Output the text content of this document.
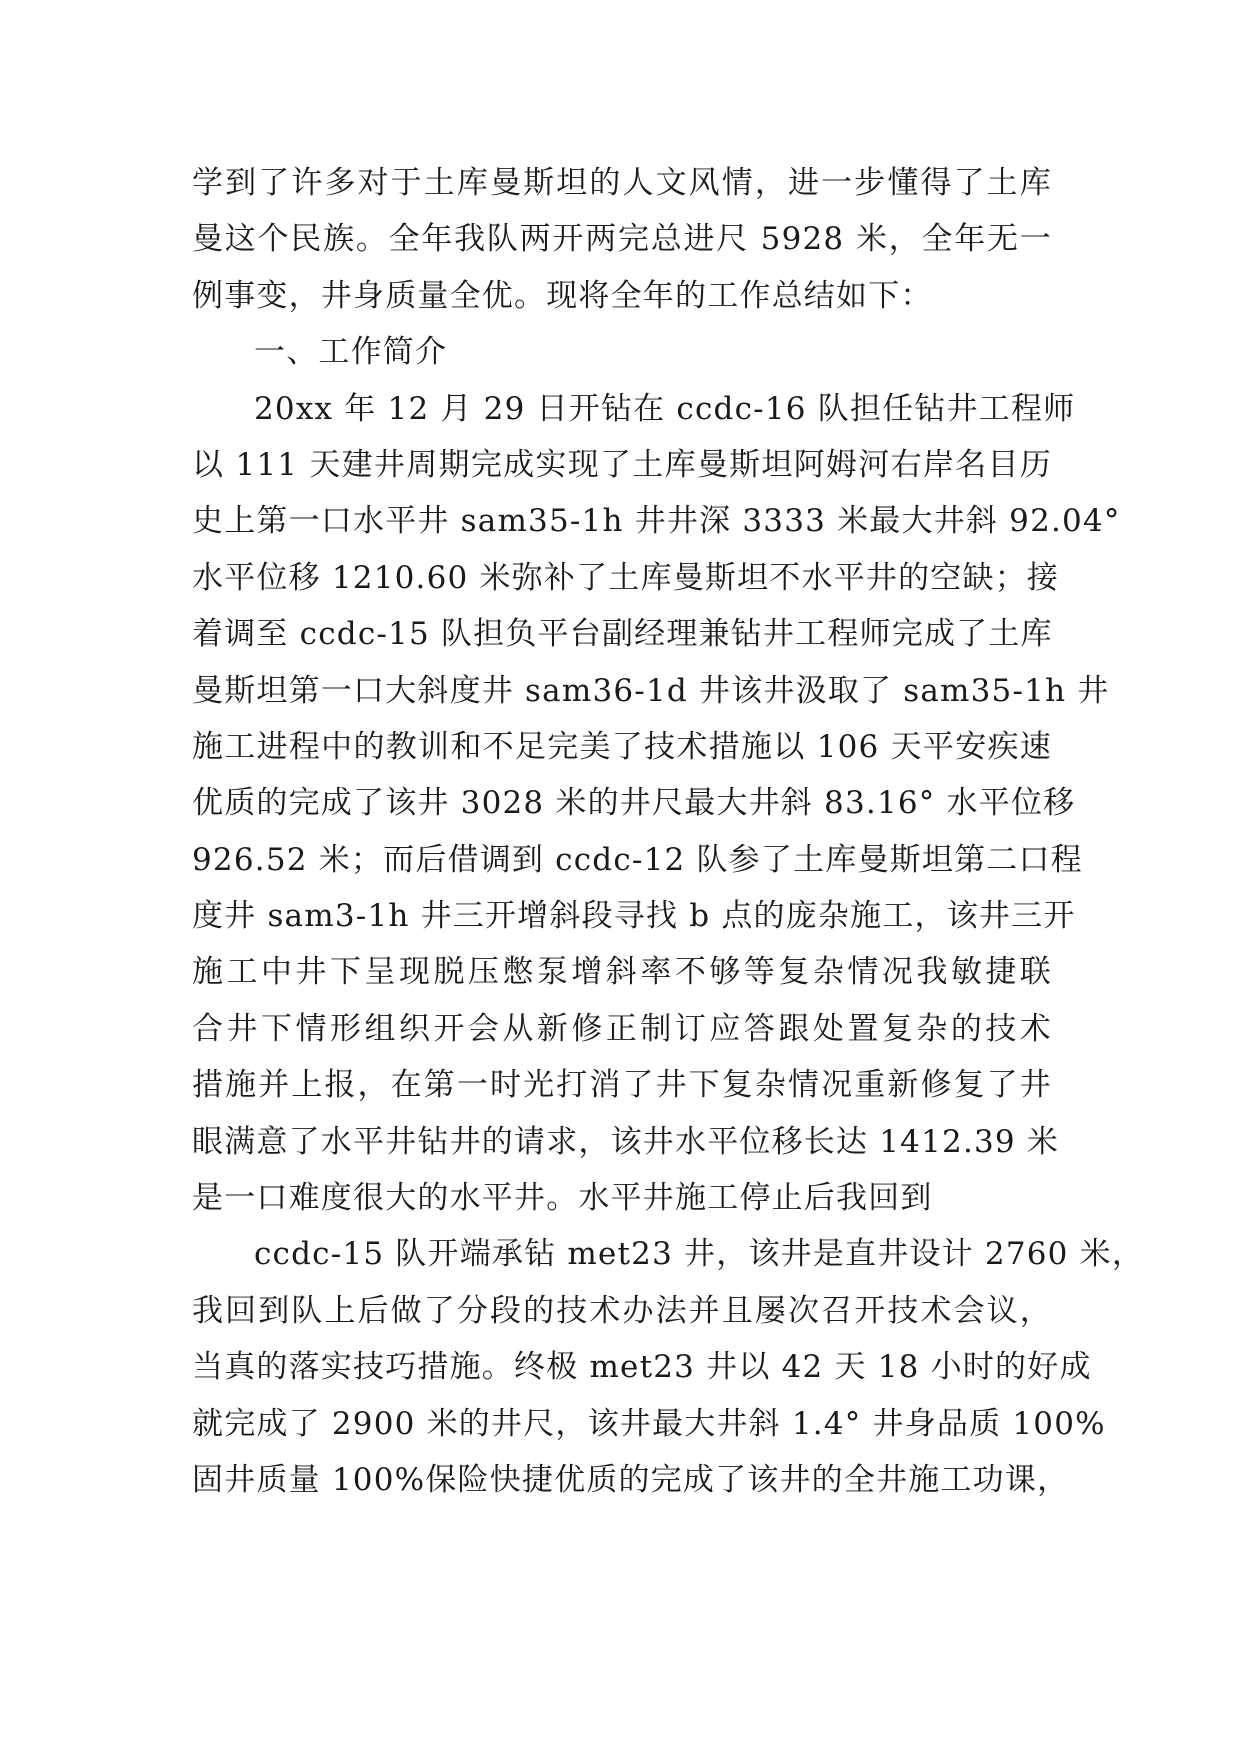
学到了许多对于土库曼斯坦的人文风情，进一步懂得了土库
曼这个民族。全年我队两开两完总进尺 5928 米，全年无一
例事变，井身质量全优。现将全年的工作总结如下：
一、工作简介
20xx 年 12 月 29 日开钻在 ccdc-16 队担任钻井工程师
以 111 天建井周期完成实现了土库曼斯坦阿姆河右岸名目历
史上第一口水平井 sam35-1h 井井深 3333 米最大井斜 92.04°
水平位移 1210.60 米弥补了土库曼斯坦不水平井的空缺；接
着调至 ccdc-15 队担负平台副经理兼钻井工程师完成了土库
曼斯坦第一口大斜度井 sam36-1d 井该井汲取了 sam35-1h 井
施工进程中的教训和不足完美了技术措施以 106 天平安疾速
优质的完成了该井 3028 米的井尺最大井斜 83.16° 水平位移
926.52 米；而后借调到 ccdc-12 队参了土库曼斯坦第二口程
度井 sam3-1h 井三开增斜段寻找 b 点的庞杂施工，该井三开
施工中井下呈现脱压憋泵增斜率不够等复杂情况我敏捷联
合井下情形组织开会从新修正制订应答跟处置复杂的技术
措施并上报，在第一时光打消了井下复杂情况重新修复了井
眼满意了水平井钻井的请求，该井水平位移长达 1412.39 米
是一口难度很大的水平井。水平井施工停止后我回到
ccdc-15 队开端承钻 met23 井，该井是直井设计 2760 米，
我回到队上后做了分段的技术办法并且屡次召开技术会议，
当真的落实技巧措施。终极 met23 井以 42 天 18 小时的好成
就完成了 2900 米的井尺，该井最大井斜 1.4° 井身品质 100%
固井质量 100%保险快捷优质的完成了该井的全井施工功课，
